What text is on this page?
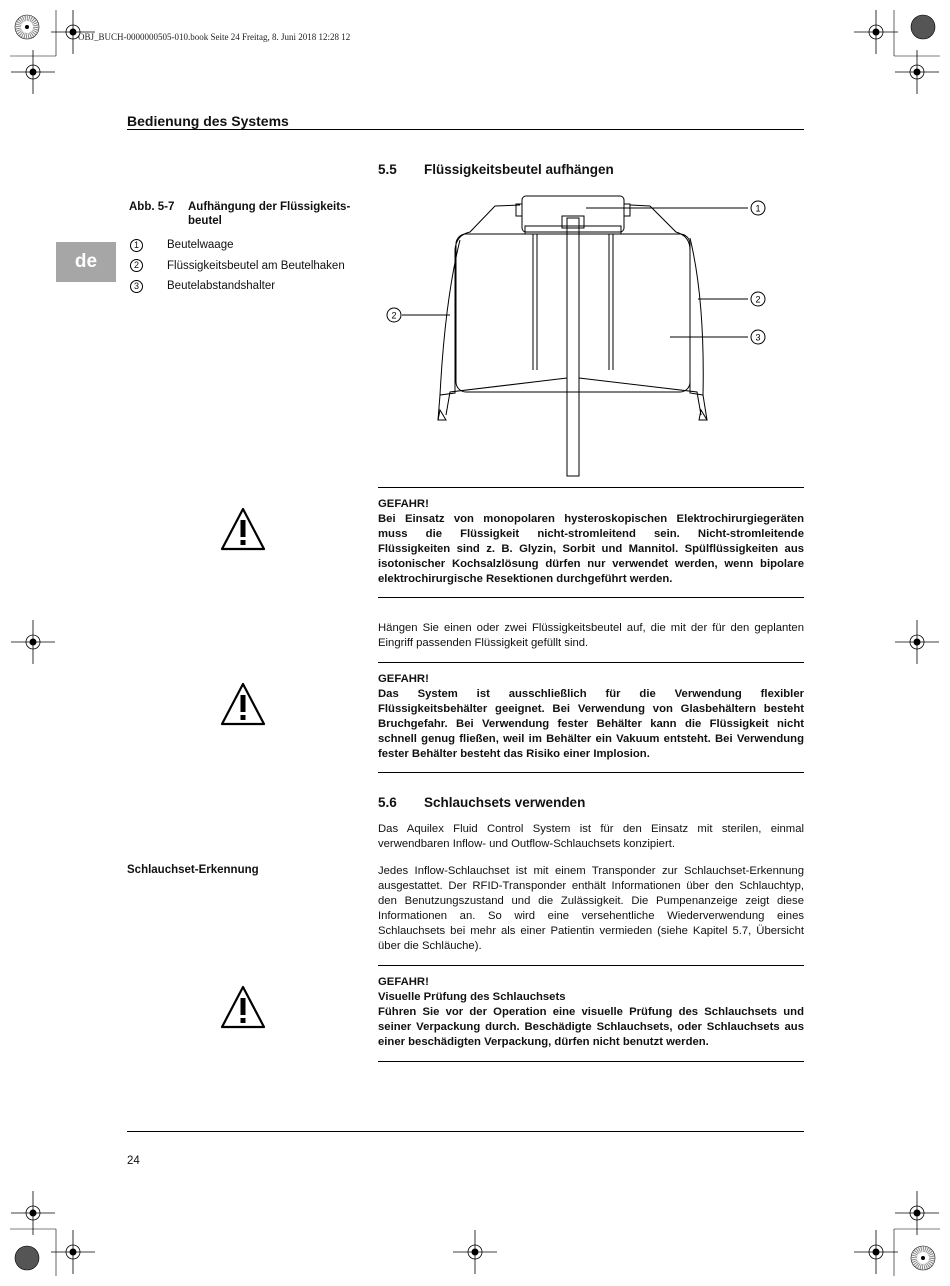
OBJ_BUCH-0000000505-010.book Seite 24 Freitag, 8. Juni 2018 12:28 12
Bedienung des Systems
de
5.5 Flüssigkeitsbeutel aufhängen
Abb. 5-7 Aufhängung der Flüssigkeits-
beutel
1	Beutelwaage
2	Flüssigkeitsbeutel am Beutelhaken
3	Beutelabstandshalter
1
2
2
3
GEFAHR!
Bei Einsatz von monopolaren hysteroskopischen Elektrochirurgiegeräten muss die Flüssigkeit nicht-stromleitend sein. Nicht-stromleitende Flüssigkeiten sind z. B. Glyzin, Sorbit und Mannitol. Spülflüssigkeiten aus isotonischer Kochsalzlösung dürfen nur verwendet werden, wenn bipolare elektrochirurgische Resektionen durchgeführt werden.
Hängen Sie einen oder zwei Flüssigkeitsbeutel auf, die mit der für den geplanten Eingriff passenden Flüssigkeit gefüllt sind.
GEFAHR!
Das System ist ausschließlich für die Verwendung flexibler Flüssigkeitsbehälter geeignet. Bei Verwendung von Glasbehältern besteht Bruchgefahr. Bei Verwendung fester Behälter kann die Flüssigkeit nicht schnell genug fließen, weil im Behälter ein Vakuum entsteht. Bei Verwendung fester Behälter besteht das Risiko einer Implosion.
5.6 Schlauchsets verwenden
Das Aquilex Fluid Control System ist für den Einsatz mit sterilen, einmal verwendbaren Inflow- und Outflow-Schlauchsets konzipiert.
Schlauchset-Erkennung	Jedes Inflow-Schlauchset ist mit einem Transponder zur Schlauchset-Erkennung ausgestattet. Der RFID-Transponder enthält Informationen über den Schlauchtyp, den Benutzungszustand und die Zulässigkeit. Die Pumpenanzeige zeigt diese Informationen an. So wird eine versehentliche Wiederverwendung eines Schlauchsets bei mehr als einer Patientin vermieden (siehe Kapitel 5.7, Übersicht über die Schläuche).
GEFAHR!
Visuelle Prüfung des Schlauchsets
Führen Sie vor der Operation eine visuelle Prüfung des Schlauchsets und seiner Verpackung durch. Beschädigte Schlauchsets, oder Schlauchsets aus einer beschädigten Verpackung, dürfen nicht benutzt werden.
24
